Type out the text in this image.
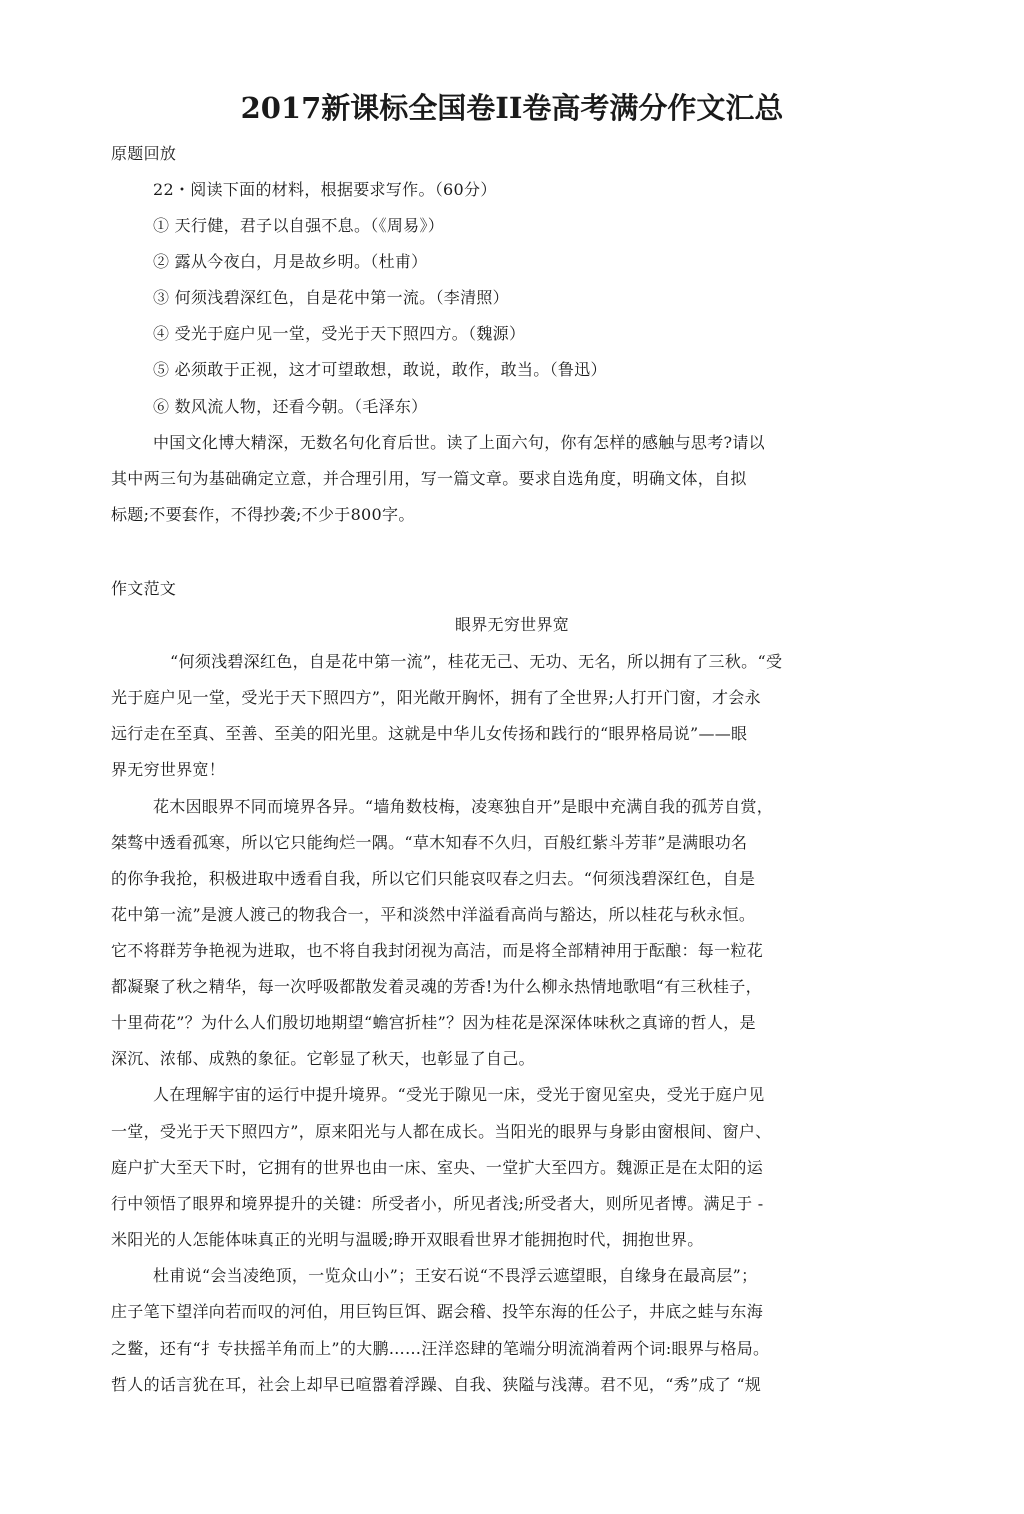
2017新课标全国卷II卷高考满分作文汇总
原题回放
22・阅读下面的材料，根据要求写作。（60分）
① 天行健，君子以自强不息。（《周易》）
② 露从今夜白，月是故乡明。（杜甫）
③ 何须浅碧深红色，自是花中第一流。（李清照）
④ 受光于庭户见一堂，受光于天下照四方。（魏源）
⑤ 必须敢于正视，这才可望敢想，敢说，敢作，敢当。（鲁迅）
⑥ 数风流人物，还看今朝。（毛泽东）
中国文化博大精深，无数名句化育后世。读了上面六句，你有怎样的感触与思考?请以
其中两三句为基础确定立意，并合理引用，写一篇文章。要求自选角度，明确文体，自拟
标题;不要套作，不得抄袭;不少于800字。
作文范文
眼界无穷世界宽
“何须浅碧深红色，自是花中第一流”，桂花无己、无功、无名，所以拥有了三秋。“受
光于庭户见一堂，受光于天下照四方”，阳光敞开胸怀，拥有了全世界;人打开门窗，才会永
远行走在至真、至善、至美的阳光里。这就是中华儿女传扬和践行的“眼界格局说”——眼
界无穷世界宽！
花木因眼界不同而境界各异。“墙角数枝梅，凌寒独自开”是眼中充满自我的孤芳自赏，
桀骜中透看孤寒，所以它只能绚烂一隅。“草木知春不久归，百般红紫斗芳菲”是满眼功名
的你争我抢，积极进取中透看自我，所以它们只能哀叹春之归去。“何须浅碧深红色，自是
花中第一流”是渡人渡己的物我合一，平和淡然中洋溢看高尚与豁达，所以桂花与秋永恒。
它不将群芳争艳视为进取，也不将自我封闭视为高洁，而是将全部精神用于酝酿：每一粒花
都凝聚了秋之精华，每一次呼吸都散发着灵魂的芳香!为什么柳永热情地歌唱“有三秋桂子，
十里荷花”？为什么人们殷切地期望“蟾宫折桂”？因为桂花是深深体味秋之真谛的哲人，是
深沉、浓郁、成熟的象征。它彰显了秋天，也彰显了自己。
人在理解宇宙的运行中提升境界。“受光于隙见一床，受光于窗见室央，受光于庭户见
一堂，受光于天下照四方”，原来阳光与人都在成长。当阳光的眼界与身影由窗根间、窗户、
庭户扩大至天下时，它拥有的世界也由一床、室央、一堂扩大至四方。魏源正是在太阳的运
行中领悟了眼界和境界提升的关键：所受者小，所见者浅;所受者大，则所见者博。满足于 -
米阳光的人怎能体味真正的光明与温暖;睁开双眼看世界才能拥抱时代，拥抱世界。
杜甫说“会当凌绝顶，一览众山小”；王安石说“不畏浮云遮望眼，自缘身在最高层”；
庄子笔下望洋向若而叹的河伯，用巨钩巨饵、踞会稽、投竿东海的任公子，井底之蛙与东海
之鳖，还有“扌专扶摇羊角而上”的大鹏……汪洋恣肆的笔端分明流淌着两个词:眼界与格局。
哲人的话言犹在耳，社会上却早已喧嚣着浮躁、自我、狭隘与浅薄。君不见，“秀”成了 “规
